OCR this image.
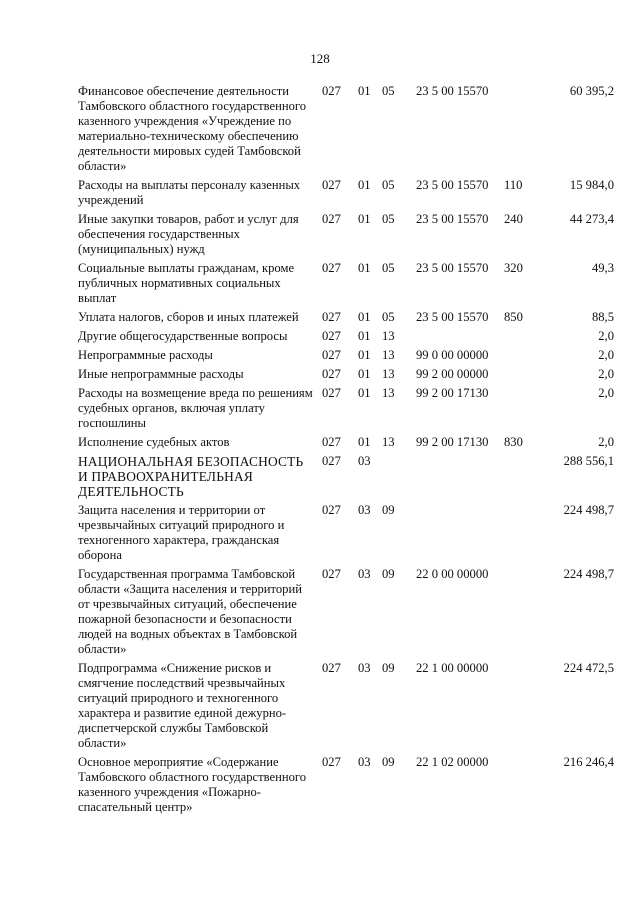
128
Финансовое обеспечение деятельности Тамбовского областного государственного казенного учреждения «Учреждение по материально-техническому обеспечению деятельности мировых судей Тамбовской области»
027	01 05	23 5 00 15570	60 395,2
Расходы на выплаты персоналу казенных учреждений
027	01 05	23 5 00 15570	110	15 984,0
Иные закупки товаров, работ и услуг для обеспечения государственных (муниципальных) нужд
027	01 05	23 5 00 15570	240	44 273,4
Социальные выплаты гражданам, кроме публичных нормативных социальных выплат
027	01 05	23 5 00 15570	320	49,3
Уплата налогов, сборов и иных платежей	027	01 05	23 5 00 15570	850	88,5
Другие общегосударственные вопросы	027	01 13	2,0
Непрограммные расходы	027	01 13	99 0 00 00000	2,0
Иные непрограммные расходы	027	01 13	99 2 00 00000	2,0
Расходы на возмещение вреда по решениям судебных органов, включая уплату госпошлины
027	01 13	99 2 00 17130	2,0
Исполнение судебных актов	027	01 13	99 2 00 17130	830	2,0
НАЦИОНАЛЬНАЯ БЕЗОПАСНОСТЬ И ПРАВООХРАНИТЕЛЬНАЯ ДЕЯТЕЛЬНОСТЬ
027	03	288 556,1
Защита населения и территории от чрезвычайных ситуаций природного и техногенного характера, гражданская оборона
027	03 09	224 498,7
Государственная программа Тамбовской области «Защита населения и территорий от чрезвычайных ситуаций, обеспечение пожарной безопасности и безопасности людей на водных объектах в Тамбовской области»
027	03 09	22 0 00 00000	224 498,7
Подпрограмма «Снижение рисков и смягчение последствий чрезвычайных ситуаций природного и техногенного характера и развитие единой дежурно-диспетчерской службы Тамбовской области»
027	03 09	22 1 00 00000	224 472,5
Основное мероприятие «Содержание Тамбовского областного государственного казенного учреждения «Пожарно-спасательный центр»
027	03 09	22 1 02 00000	216 246,4
